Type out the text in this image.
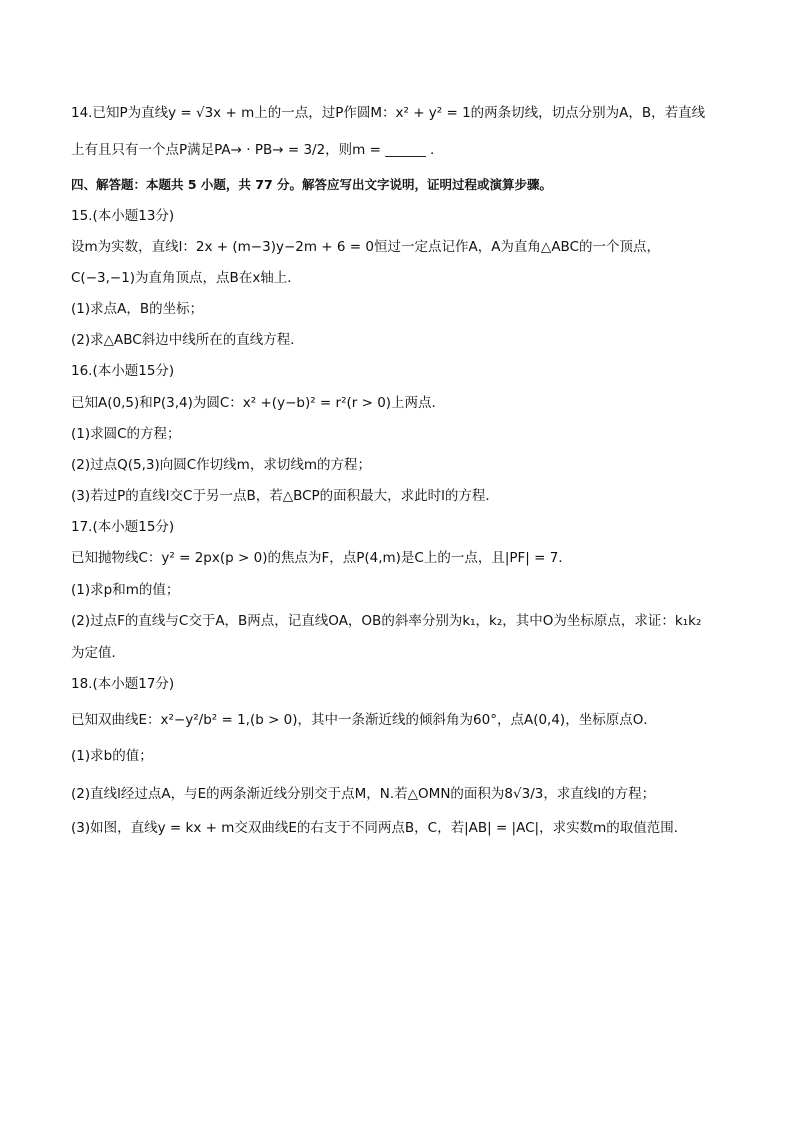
14.已知P为直线y = √3x + m上的一点，过P作圆M：x² + y² = 1的两条切线，切点分别为A，B，若直线
上有且只有一个点P满足PA→ · PB→ = 3/2，则m = ______ .
四、解答题：本题共 5 小题，共 77 分。解答应写出文字说明，证明过程或演算步骤。
15.(本小题13分)
设m为实数，直线l：2x + (m−3)y−2m + 6 = 0恒过一定点记作A，A为直角△ABC的一个顶点，
C(−3,−1)为直角顶点，点B在x轴上．
(1)求点A，B的坐标；
(2)求△ABC斜边中线所在的直线方程．
16.(本小题15分)
已知A(0,5)和P(3,4)为圆C：x² +(y−b)² = r²(r > 0)上两点．
(1)求圆C的方程；
(2)过点Q(5,3)向圆C作切线m，求切线m的方程；
(3)若过P的直线l交C于另一点B，若△BCP的面积最大，求此时l的方程．
17.(本小题15分)
已知抛物线C：y² = 2px(p > 0)的焦点为F，点P(4,m)是C上的一点，且|PF| = 7．
(1)求p和m的值；
(2)过点F的直线与C交于A，B两点，记直线OA，OB的斜率分别为k₁，k₂，其中O为坐标原点，求证：k₁k₂
为定值．
18.(本小题17分)
已知双曲线E：x²−y²/b² = 1,(b > 0)，其中一条渐近线的倾斜角为60°，点A(0,4)，坐标原点O．
(1)求b的值；
(2)直线l经过点A，与E的两条渐近线分别交于点M，N.若△OMN的面积为8√3/3，求直线l的方程；
(3)如图，直线y = kx + m交双曲线E的右支于不同两点B，C，若|AB| = |AC|，求实数m的取值范围．
